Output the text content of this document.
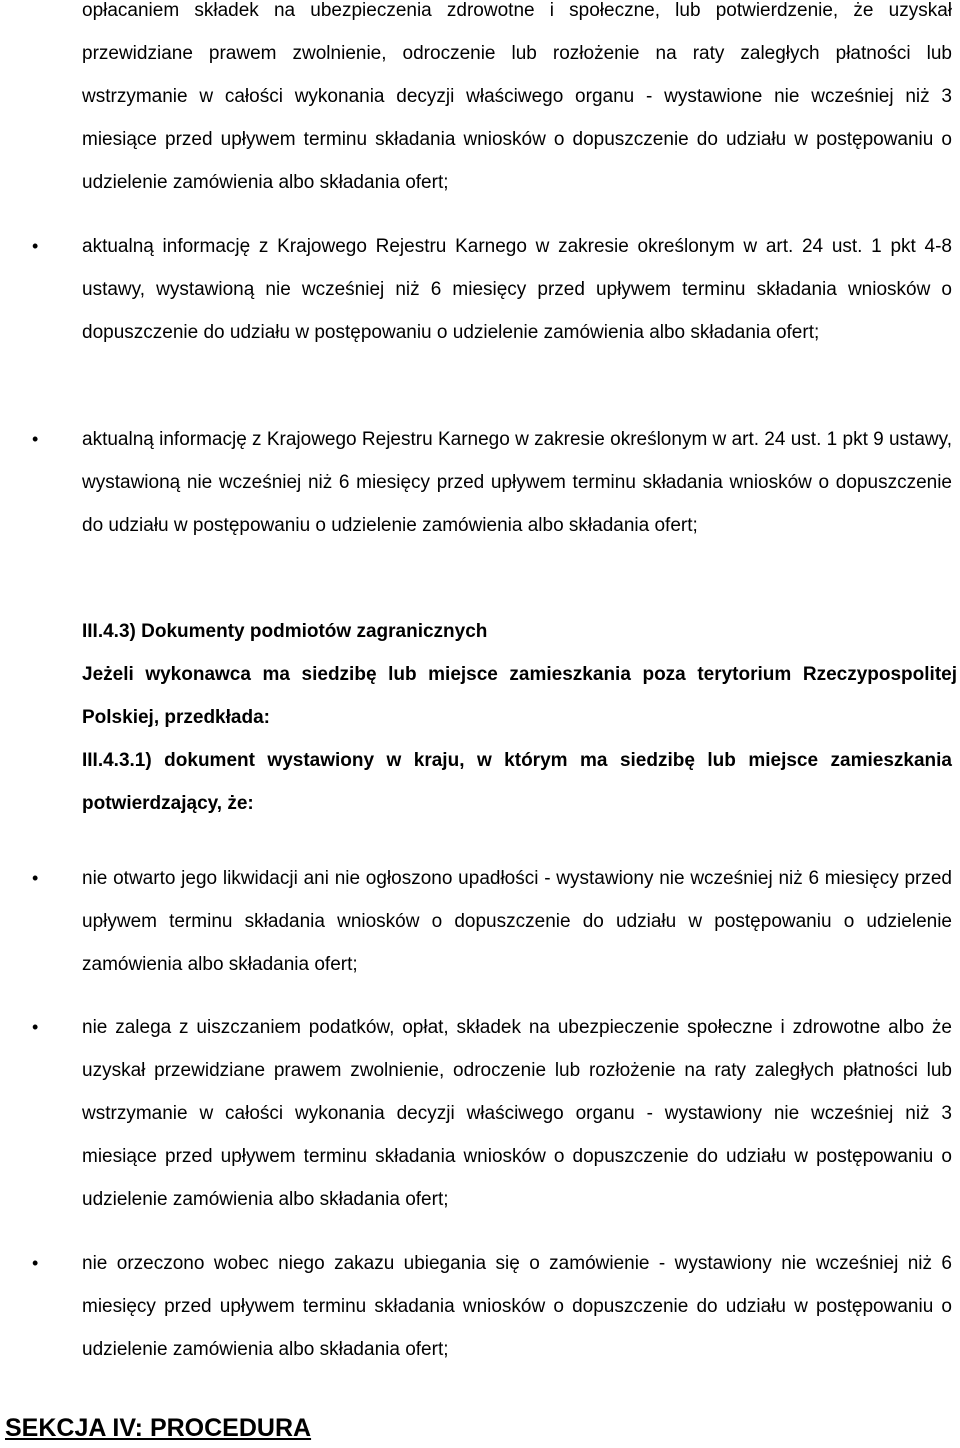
opłacaniem składek na ubezpieczenia zdrowotne i społeczne, lub potwierdzenie, że uzyskał przewidziane prawem zwolnienie, odroczenie lub rozłożenie na raty zaległych płatności lub wstrzymanie w całości wykonania decyzji właściwego organu - wystawione nie wcześniej niż 3 miesiące przed upływem terminu składania wniosków o dopuszczenie do udziału w postępowaniu o udzielenie zamówienia albo składania ofert;

•	aktualną informację z Krajowego Rejestru Karnego w zakresie określonym w art. 24 ust. 1 pkt 4-8 ustawy, wystawioną nie wcześniej niż 6 miesięcy przed upływem terminu składania wniosków o dopuszczenie do udziału w postępowaniu o udzielenie zamówienia albo składania ofert;

•	aktualną informację z Krajowego Rejestru Karnego w zakresie określonym w art. 24 ust. 1 pkt 9 ustawy, wystawioną nie wcześniej niż 6 miesięcy przed upływem terminu składania wniosków o dopuszczenie do udziału w postępowaniu o udzielenie zamówienia albo składania ofert;

III.4.3) Dokumenty podmiotów zagranicznych

Jeżeli wykonawca ma siedzibę lub miejsce zamieszkania poza terytorium Rzeczypospolitej Polskiej, przedkłada:

III.4.3.1) dokument wystawiony w kraju, w którym ma siedzibę lub miejsce zamieszkania potwierdzający, że:

•	nie otwarto jego likwidacji ani nie ogłoszono upadłości - wystawiony nie wcześniej niż 6 miesięcy przed upływem terminu składania wniosków o dopuszczenie do udziału w postępowaniu o udzielenie zamówienia albo składania ofert;

•	nie zalega z uiszczaniem podatków, opłat, składek na ubezpieczenie społeczne i zdrowotne albo że uzyskał przewidziane prawem zwolnienie, odroczenie lub rozłożenie na raty zaległych płatności lub wstrzymanie w całości wykonania decyzji właściwego organu - wystawiony nie wcześniej niż 3 miesiące przed upływem terminu składania wniosków o dopuszczenie do udziału w postępowaniu o udzielenie zamówienia albo składania ofert;

•	nie orzeczono wobec niego zakazu ubiegania się o zamówienie - wystawiony nie wcześniej niż 6 miesięcy przed upływem terminu składania wniosków o dopuszczenie do udziału w postępowaniu o udzielenie zamówienia albo składania ofert;

SEKCJA IV: PROCEDURA
